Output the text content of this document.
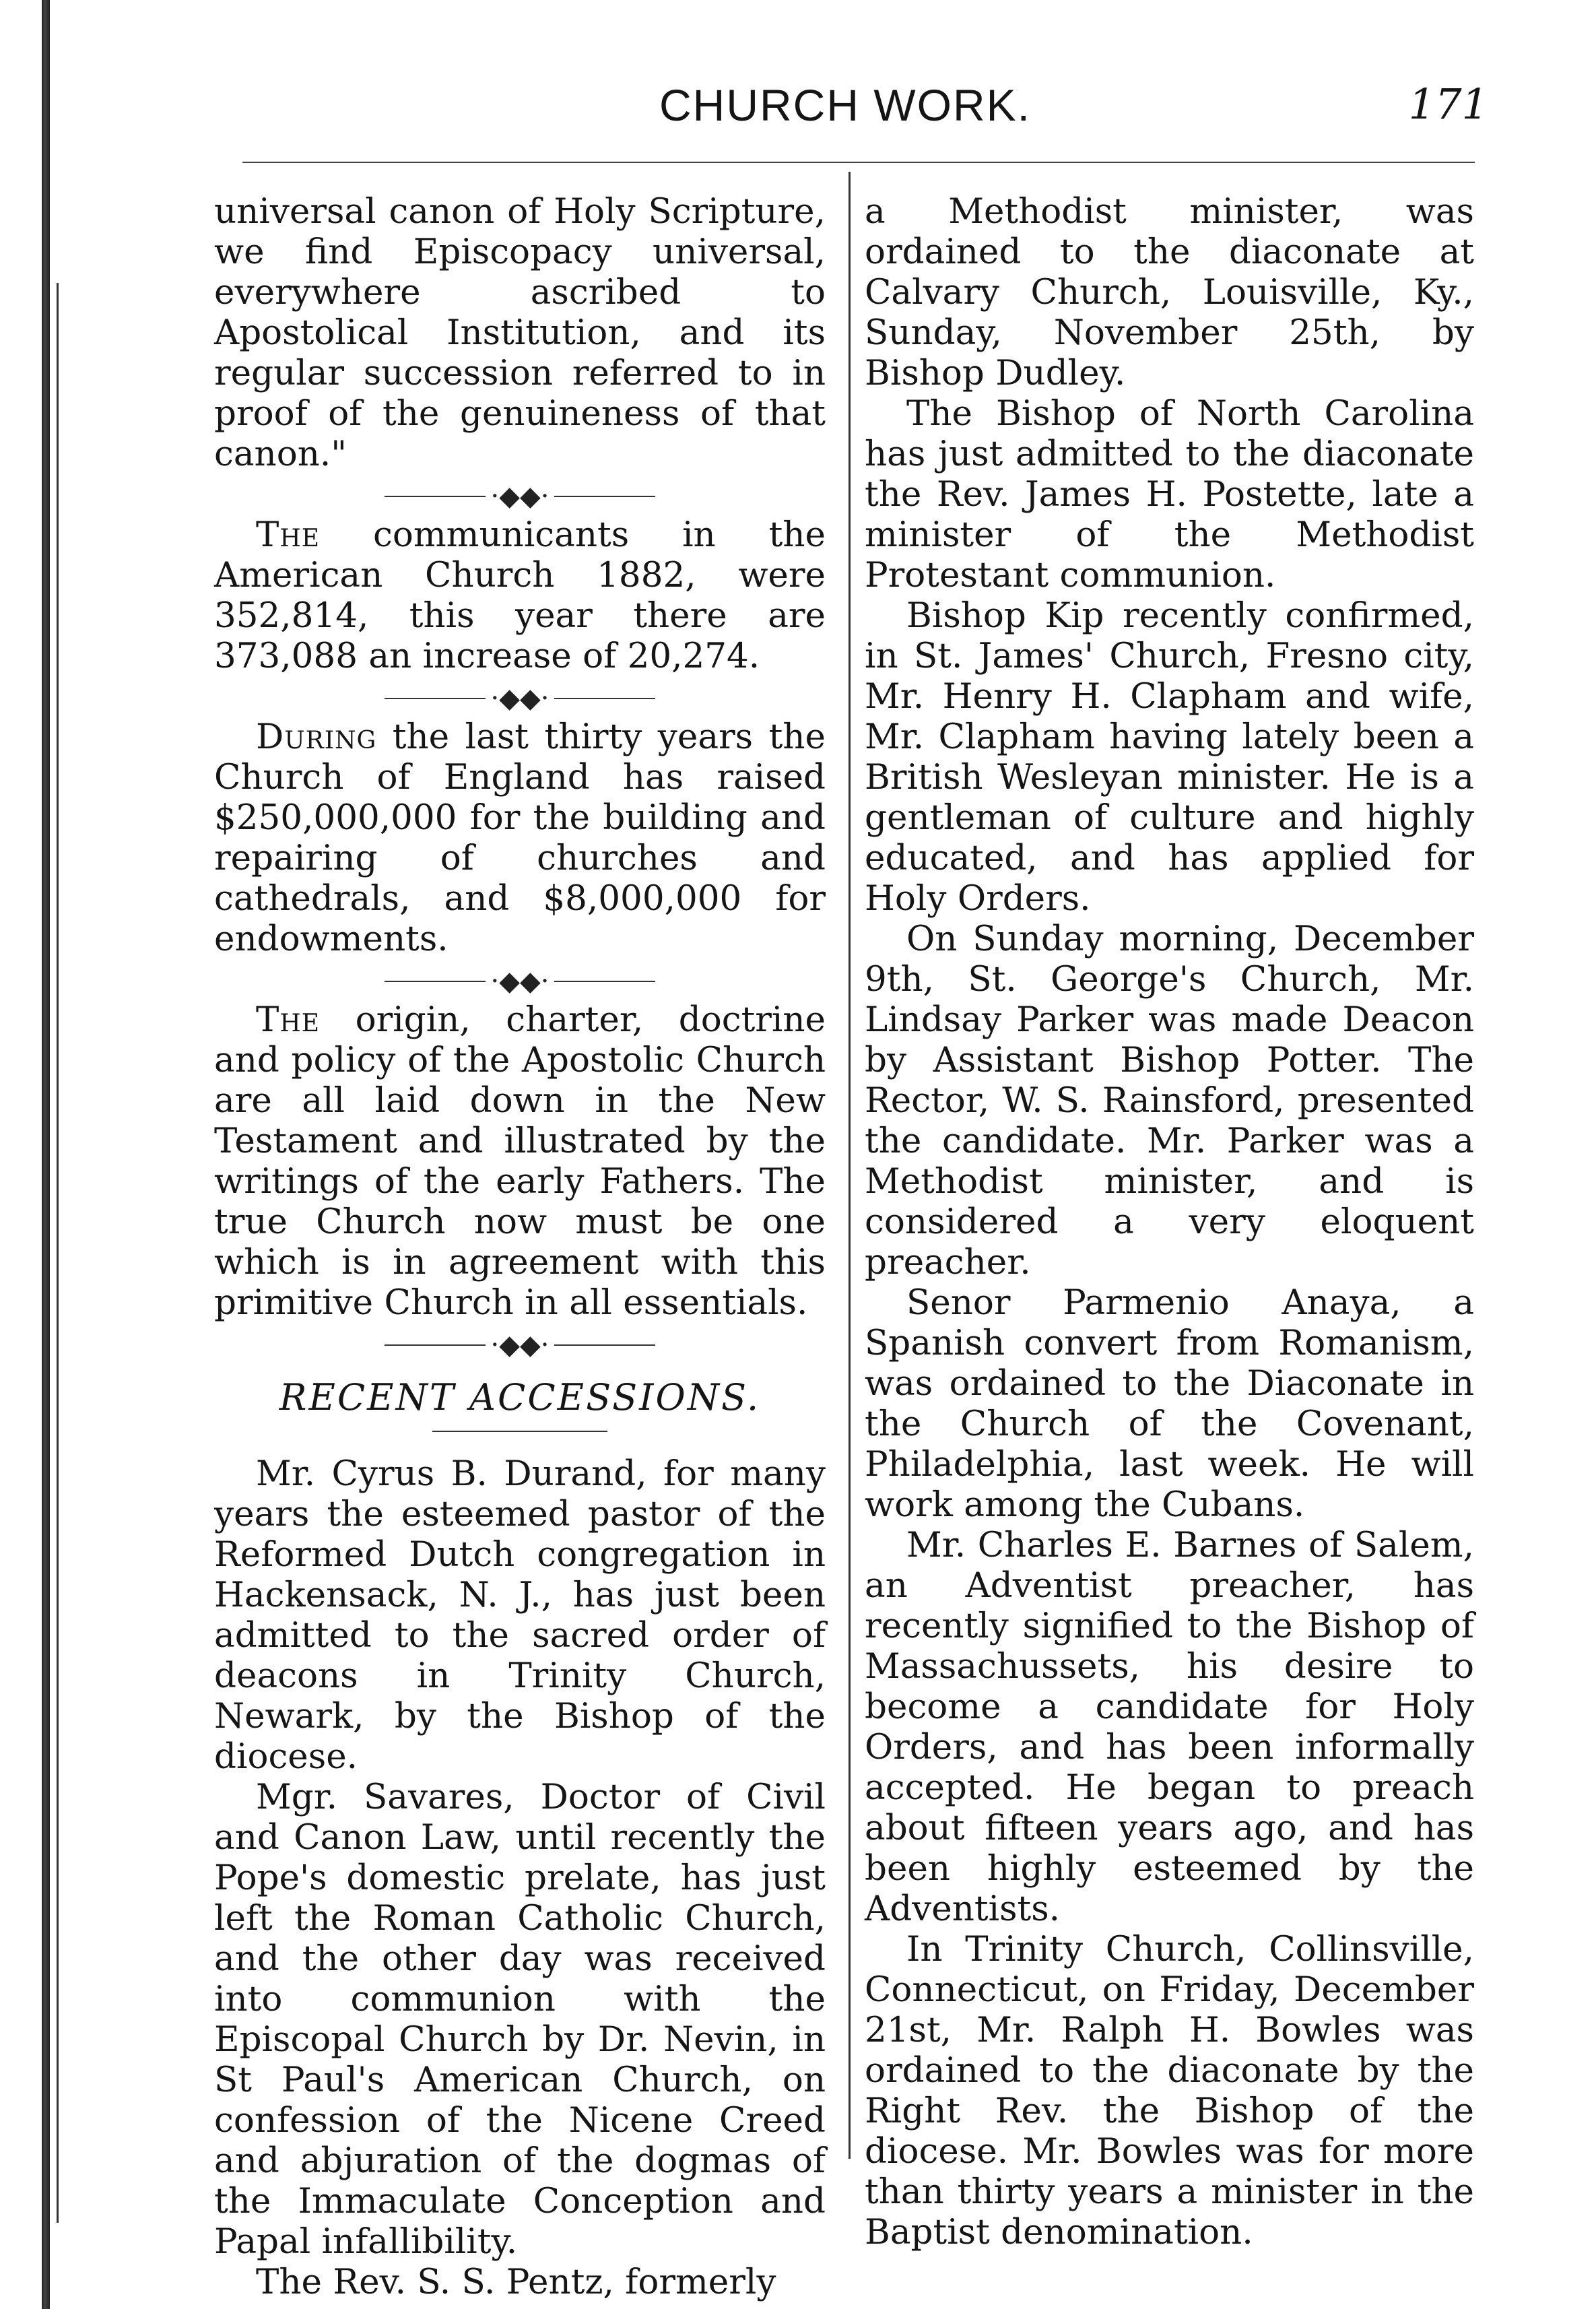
CHURCH WORK.	171

universal canon of Holy Scripture, we find Episcopacy universal, everywhere ascribed to Apostolical Institution, and its regular succession referred to in proof of the genuineness of that canon."

·◆◆·

The communicants in the American Church 1882, were 352,814, this year there are 373,088 an increase of 20,274.

·◆◆·

During the last thirty years the Church of England has raised $250,000,000 for the building and repairing of churches and cathedrals, and $8,000,000 for endowments.

·◆◆·

The origin, charter, doctrine and policy of the Apostolic Church are all laid down in the New Testament and illustrated by the writings of the early Fathers. The true Church now must be one which is in agreement with this primitive Church in all essentials.

·◆◆·
RECENT ACCESSIONS.

Mr. Cyrus B. Durand, for many years the esteemed pastor of the Reformed Dutch congregation in Hackensack, N. J., has just been admitted to the sacred order of deacons in Trinity Church, Newark, by the Bishop of the diocese.

Mgr. Savares, Doctor of Civil and Canon Law, until recently the Pope's domestic prelate, has just left the Roman Catholic Church, and the other day was received into communion with the Episcopal Church by Dr. Nevin, in St Paul's American Church, on confession of the Nicene Creed and abjuration of the dogmas of the Immaculate Conception and Papal infallibility.

The Rev. S. S. Pentz, formerly

a Methodist minister, was ordained to the diaconate at Calvary Church, Louisville, Ky., Sunday, November 25th, by Bishop Dudley.

The Bishop of North Carolina has just admitted to the diaconate the Rev. James H. Postette, late a minister of the Methodist Protestant communion.

Bishop Kip recently confirmed, in St. James' Church, Fresno city, Mr. Henry H. Clapham and wife, Mr. Clapham having lately been a British Wesleyan minister. He is a gentleman of culture and highly educated, and has applied for Holy Orders.

On Sunday morning, December 9th, St. George's Church, Mr. Lindsay Parker was made Deacon by Assistant Bishop Potter. The Rector, W. S. Rainsford, presented the candidate. Mr. Parker was a Methodist minister, and is considered a very eloquent preacher.

Senor Parmenio Anaya, a Spanish convert from Romanism, was ordained to the Diaconate in the Church of the Covenant, Philadelphia, last week. He will work among the Cubans.

Mr. Charles E. Barnes of Salem, an Adventist preacher, has recently signified to the Bishop of Massachussets, his desire to become a candidate for Holy Orders, and has been informally accepted. He began to preach about fifteen years ago, and has been highly esteemed by the Adventists.

In Trinity Church, Collinsville, Connecticut, on Friday, December 21st, Mr. Ralph H. Bowles was ordained to the diaconate by the Right Rev. the Bishop of the diocese. Mr. Bowles was for more than thirty years a minister in the Baptist denomination.
